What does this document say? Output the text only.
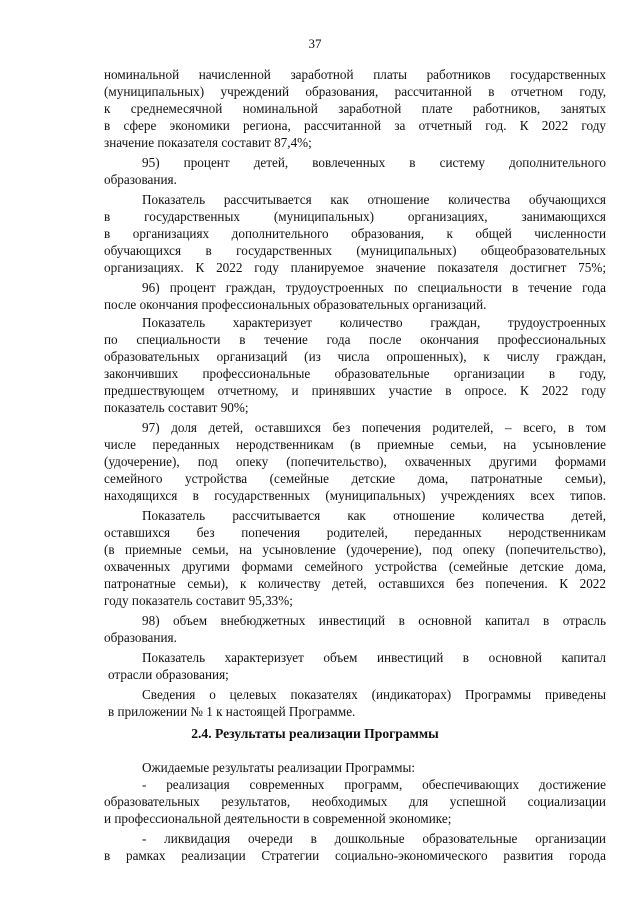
37
номинальной начисленной заработной платы работников государственных
(муниципальных) учреждений образования, рассчитанной в отчетном году,
к среднемесячной номинальной заработной плате работников, занятых
в сфере экономики региона, рассчитанной за отчетный год. К 2022 году
значение показателя составит 87,4%;
95) процент детей, вовлеченных в систему дополнительного
образования.
Показатель рассчитывается как отношение количества обучающихся
в государственных (муниципальных) организациях, занимающихся
в организациях дополнительного образования, к общей численности
обучающихся в государственных (муниципальных) общеобразовательных
организациях. К 2022 году планируемое значение показателя достигнет 75%;
96) процент граждан, трудоустроенных по специальности в течение года
после окончания профессиональных образовательных организаций.
Показатель характеризует количество граждан, трудоустроенных
по специальности в течение года после окончания профессиональных
образовательных организаций (из числа опрошенных), к числу граждан,
закончивших профессиональные образовательные организации в году,
предшествующем отчетному, и принявших участие в опросе. К 2022 году
показатель составит 90%;
97) доля детей, оставшихся без попечения родителей, – всего, в том
числе переданных неродственникам (в приемные семьи, на усыновление
(удочерение), под опеку (попечительство), охваченных другими формами
семейного устройства (семейные детские дома, патронатные семьи),
находящихся в государственных (муниципальных) учреждениях всех типов.
Показатель рассчитывается как отношение количества детей,
оставшихся без попечения родителей, переданных неродственникам
(в приемные семьи, на усыновление (удочерение), под опеку (попечительство),
охваченных другими формами семейного устройства (семейные детские дома,
патронатные семьи), к количеству детей, оставшихся без попечения. К 2022
году показатель составит 95,33%;
98) объем внебюджетных инвестиций в основной капитал в отрасль
образования.
Показатель характеризует объем инвестиций в основной капитал
отрасли образования;
Сведения о целевых показателях (индикаторах) Программы приведены
в приложении № 1 к настоящей Программе.
2.4. Результаты реализации Программы
Ожидаемые результаты реализации Программы:
- реализация современных программ, обеспечивающих достижение
образовательных результатов, необходимых для успешной социализации
и профессиональной деятельности в современной экономике;
- ликвидация очереди в дошкольные образовательные организации
в рамках реализации Стратегии социально-экономического развития города
